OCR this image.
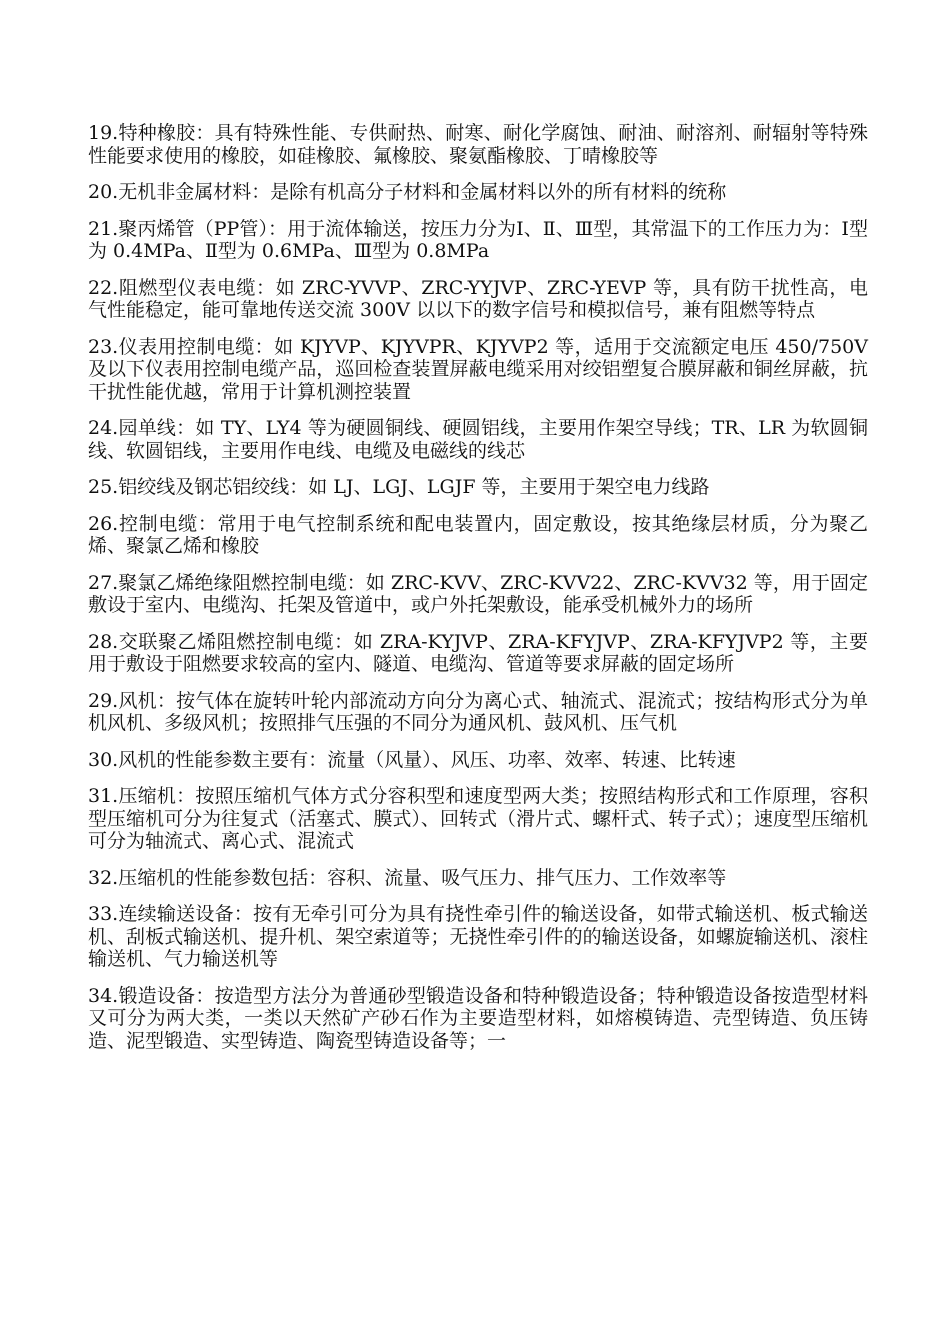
19.特种橡胶：具有特殊性能、专供耐热、耐寒、耐化学腐蚀、耐油、耐溶剂、耐辐射等特殊性能要求使用的橡胶，如硅橡胶、氟橡胶、聚氨酯橡胶、丁晴橡胶等

20.无机非金属材料：是除有机高分子材料和金属材料以外的所有材料的统称

21.聚丙烯管（PP管）：用于流体输送，按压力分为Ⅰ、Ⅱ、Ⅲ型，其常温下的工作压力为：Ⅰ型为 0.4MPa、Ⅱ型为 0.6MPa、Ⅲ型为 0.8MPa

22.阻燃型仪表电缆：如 ZRC-YVVP、ZRC-YYJVP、ZRC-YEVP 等，具有防干扰性高，电气性能稳定，能可靠地传送交流 300V 以以下的数字信号和模拟信号，兼有阻燃等特点

23.仪表用控制电缆：如 KJYVP、KJYVPR、KJYVP2 等，适用于交流额定电压 450/750V 及以下仪表用控制电缆产品，巡回检查装置屏蔽电缆采用对绞铝塑复合膜屏蔽和铜丝屏蔽，抗干扰性能优越，常用于计算机测控装置

24.园单线：如 TY、LY4 等为硬圆铜线、硬圆铝线，主要用作架空导线；TR、LR 为软圆铜线、软圆铝线，主要用作电线、电缆及电磁线的线芯

25.铝绞线及钢芯铝绞线：如 LJ、LGJ、LGJF 等，主要用于架空电力线路

26.控制电缆：常用于电气控制系统和配电装置内，固定敷设，按其绝缘层材质，分为聚乙烯、聚氯乙烯和橡胶

27.聚氯乙烯绝缘阻燃控制电缆：如 ZRC-KVV、ZRC-KVV22、ZRC-KVV32 等，用于固定敷设于室内、电缆沟、托架及管道中，或户外托架敷设，能承受机械外力的场所

28.交联聚乙烯阻燃控制电缆：如 ZRA-KYJVP、ZRA-KFYJVP、ZRA-KFYJVP2 等，主要用于敷设于阻燃要求较高的室内、隧道、电缆沟、管道等要求屏蔽的固定场所

29.风机：按气体在旋转叶轮内部流动方向分为离心式、轴流式、混流式；按结构形式分为单机风机、多级风机；按照排气压强的不同分为通风机、鼓风机、压气机

30.风机的性能参数主要有：流量（风量）、风压、功率、效率、转速、比转速

31.压缩机：按照压缩机气体方式分容积型和速度型两大类；按照结构形式和工作原理，容积型压缩机可分为往复式（活塞式、膜式）、回转式（滑片式、螺杆式、转子式）；速度型压缩机可分为轴流式、离心式、混流式

32.压缩机的性能参数包括：容积、流量、吸气压力、排气压力、工作效率等

33.连续输送设备：按有无牵引可分为具有挠性牵引件的输送设备，如带式输送机、板式输送机、刮板式输送机、提升机、架空索道等；无挠性牵引件的的输送设备，如螺旋输送机、滚柱输送机、气力输送机等

34.锻造设备：按造型方法分为普通砂型锻造设备和特种锻造设备；特种锻造设备按造型材料又可分为两大类，一类以天然矿产砂石作为主要造型材料，如熔模铸造、壳型铸造、负压铸造、泥型锻造、实型铸造、陶瓷型铸造设备等；一
